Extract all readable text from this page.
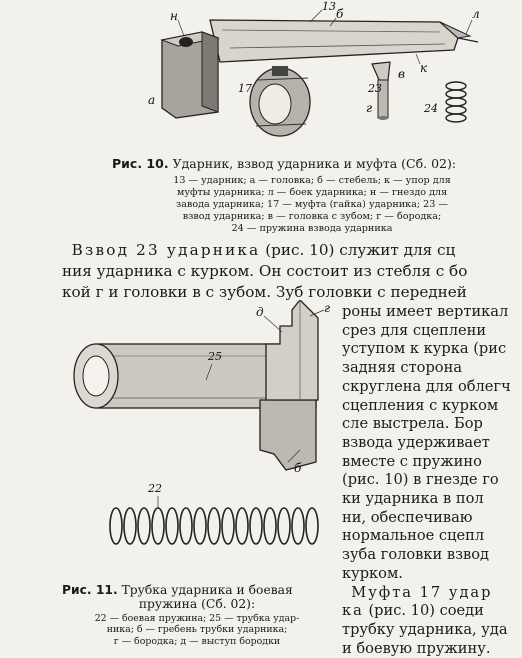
13
б	л
н
а
17	23
в к
г	24
Рис. 10. Ударник, взвод ударника и муфта (Сб. 02):
13 — ударник; а — головка; б — стебель; к — упор для
муфты ударника; л — боек ударника; н — гнездо для
завода ударника; 17 — муфта (гайка) ударника; 23 —
взвод ударника; в — головка с зубом; г — бородка;
24 — пружина взвода ударника
Взвод 23 ударника (рис. 10) служит для сц
ния ударника с курком. Он состоит из стебля с бо
кой г и головки в с зубом. Зуб головки с передней
д	г
25
б
22
роны имеет вертикал
срез для сцеплени
уступом к курка (рис
задняя сторона
скруглена для облегч
сцепления с курком
сле выстрела. Бор
взвода удерживает
вместе с пружино
(рис. 10) в гнезде го
ки ударника в пол
ни, обеспечиваю
нормальное сцепл
зуба головки взвод
курком.
Муфта 17 удар
ка (рис. 10) соеди
трубку ударника, уда
и боевую пружину.
Рис. 11. Трубка ударника и боевая
пружина (Сб. 02):
22 — боевая пружина; 25 — трубка удар-
ника; б — гребень трубки ударника;
г — бородка; д — выступ бородки
